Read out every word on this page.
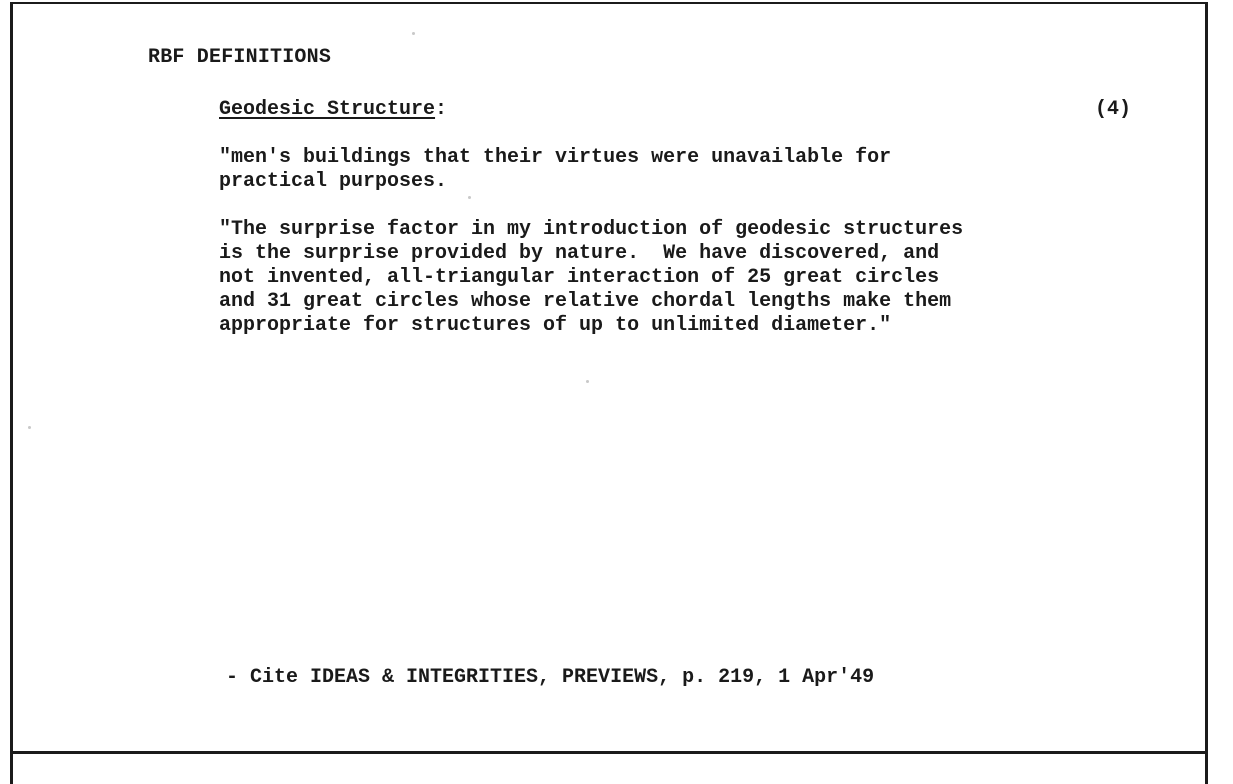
RBF DEFINITIONS
Geodesic Structure:	(4)

"men's buildings that their virtues were unavailable for
practical purposes.

"The surprise factor in my introduction of geodesic structures
is the surprise provided by nature.  We have discovered, and
not invented, all-triangular interaction of 25 great circles
and 31 great circles whose relative chordal lengths make them
appropriate for structures of up to unlimited diameter."

- Cite IDEAS & INTEGRITIES, PREVIEWS, p. 219, 1 Apr'49
